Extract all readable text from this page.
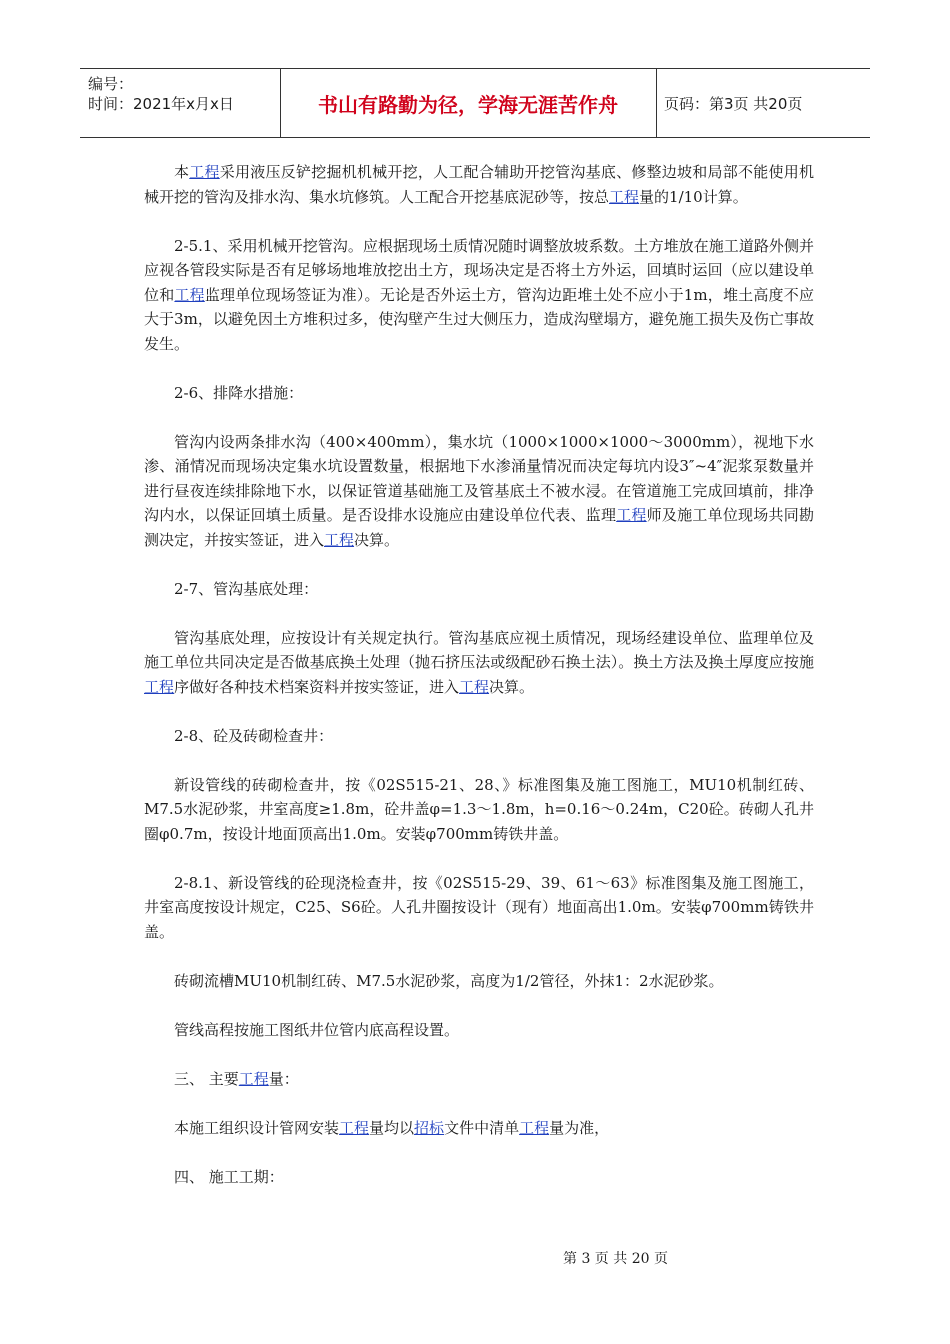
编号：
时间：2021年x月x日	书山有路勤为径，学海无涯苦作舟	页码：第3页 共20页

本工程采用液压反铲挖掘机机械开挖，人工配合辅助开挖管沟基底、修整边坡和局部不能使用机械开挖的管沟及排水沟、集水坑修筑。人工配合开挖基底泥砂等，按总工程量的1/10计算。

2-5.1、采用机械开挖管沟。应根据现场土质情况随时调整放坡系数。土方堆放在施工道路外侧并应视各管段实际是否有足够场地堆放挖出土方，现场决定是否将土方外运，回填时运回（应以建设单位和工程监理单位现场签证为准）。无论是否外运土方，管沟边距堆土处不应小于1m，堆土高度不应大于3m，以避免因土方堆积过多，使沟壁产生过大侧压力，造成沟壁塌方，避免施工损失及伤亡事故发生。

2-6、排降水措施：

管沟内设两条排水沟（400×400mm），集水坑（1000×1000×1000～3000mm），视地下水渗、涌情况而现场决定集水坑设置数量，根据地下水渗涌量情况而决定每坑内设3″~4″泥浆泵数量并进行昼夜连续排除地下水，以保证管道基础施工及管基底土不被水浸。在管道施工完成回填前，排净沟内水，以保证回填土质量。是否设排水设施应由建设单位代表、监理工程师及施工单位现场共同勘测决定，并按实签证，进入工程决算。

2-7、管沟基底处理：

管沟基底处理，应按设计有关规定执行。管沟基底应视土质情况，现场经建设单位、监理单位及施工单位共同决定是否做基底换土处理（抛石挤压法或级配砂石换土法）。换土方法及换土厚度应按施工程序做好各种技术档案资料并按实签证，进入工程决算。

2-8、砼及砖砌检查井：

新设管线的砖砌检查井，按《02S515-21、28、》标准图集及施工图施工，MU10机制红砖、M7.5水泥砂浆，井室高度≥1.8m，砼井盖φ=1.3～1.8m，h=0.16～0.24m，C20砼。砖砌人孔井圈φ0.7m，按设计地面顶高出1.0m。安装φ700mm铸铁井盖。

2-8.1、新设管线的砼现浇检查井，按《02S515-29、39、61～63》标准图集及施工图施工，井室高度按设计规定，C25、S6砼。人孔井圈按设计（现有）地面高出1.0m。安装φ700mm铸铁井盖。

砖砌流槽MU10机制红砖、M7.5水泥砂浆，高度为1/2管径，外抹1：2水泥砂浆。

管线高程按施工图纸井位管内底高程设置。

三、 主要工程量：

本施工组织设计管网安装工程量均以招标文件中清单工程量为准，

四、 施工工期：

第 3 页 共 20 页
